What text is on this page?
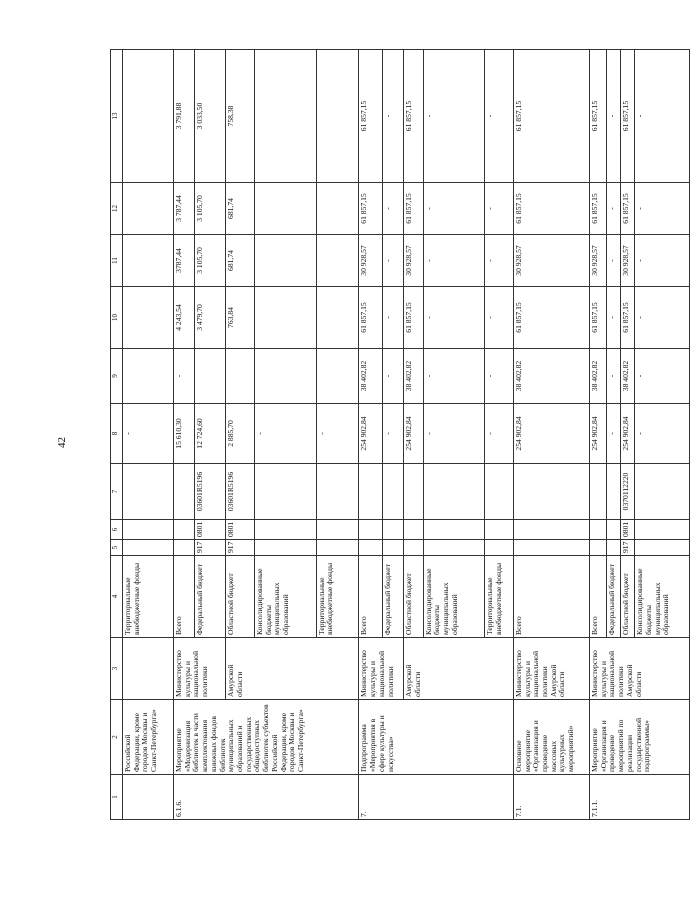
42
1	2	3	4	5	6	7	8	9	10	11	12	13
	Российской Федерации, кроме городов Москвы и Санкт-Петербурга»		Территориальные внебюджетные фонды				-					
6.1.6.	Мероприятие «Модернизация библиотек в части комплектования книжных фондов библиотек муниципальных образований и государственных общедоступных библиотек субъектов Российской Федерации, кроме городов Москвы и Санкт-Петербурга»	Министерство культуры и национальной политики	Всего				15 610,30	-	4 243,54	3787,44	3 787,44	3 791,88
			Федеральный бюджет	917	0801	03601R5196	12 724,60		3 479,70	3 105,70	3 105,70	3 033,50
		Амурской области	Областной бюджет	917	0801	03601R5196	2 885,70		763,84	681,74	681,74	758,38
			Консолидированные бюджеты муниципальных образований				-					
			Территориальные внебюджетные фонды				-					
7.	Подпрограмма «Мероприятия в сфере культуры и искусства»	Министерство культуры и национальной политики	Всего				254 902,84	38 402,82	61 857,15	30 928,57	61 857,15	61 857,15
			Федеральный бюджет				-	-	-	-	-	-
		Амурской области	Областной бюджет				254 902,84	38 402,82	61 857,15	30 928,57	61 857,15	61 857,15
			Консолидированные бюджеты муниципальных образований				-	-	-	-	-	-
			Территориальные внебюджетные фонды				-	-	-	-	-	-
7.1.	Основное мероприятие «Организация и проведение массовых культурных мероприятий»	Министерство культуры и национальной политики Амурской области	Всего				254 902,84	38 402,82	61 857,15	30 928,57	61 857,15	61 857,15
7.1.1.	Мероприятие «Организация и проведение мероприятий по реализации государственной подпрограммы»	Министерство культуры и национальной политики Амурской области	Всего				254 902,84	38 402,82	61 857,15	30 928,57	61 857,15	61 857,15
			Федеральный бюджет				-	-	-	-	-	-
			Областной бюджет	917	0801	0370112220	254 902,84	38 402,82	61 857,15	30 928,57	61 857,15	61 857,15
			Консолидированные бюджеты муниципальных образований				-	-	-	-	-	-
